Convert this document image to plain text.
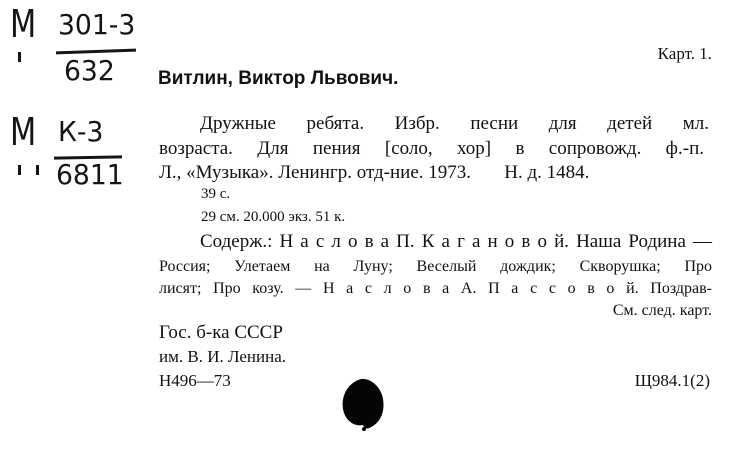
М 301-3
632
М К-3
6811
Карт. 1.
Витлин, Виктор Львович.
Дружные ребята. Избр. песни для детей мл.
возраста. Для пения [соло, хор] в сопровожд. ф.-п.
Л., «Музыка». Ленингр. отд-ние. 1973.       Н. д. 1484.
39 с.
29 см. 20.000 экз. 51 к.
Содерж.: Н а с л о в а П. К а г а н о в о й. Наша Родина —
Россия; Улетаем на Луну; Веселый дождик; Скворушка; Про
лисят; Про козу. — Н а с л о в а А. П а с с о в о й. Поздрав-
См. след. карт.
Гос. б-ка СССР
им. В. И. Ленина.
Н496—73	Щ984.1(2)
